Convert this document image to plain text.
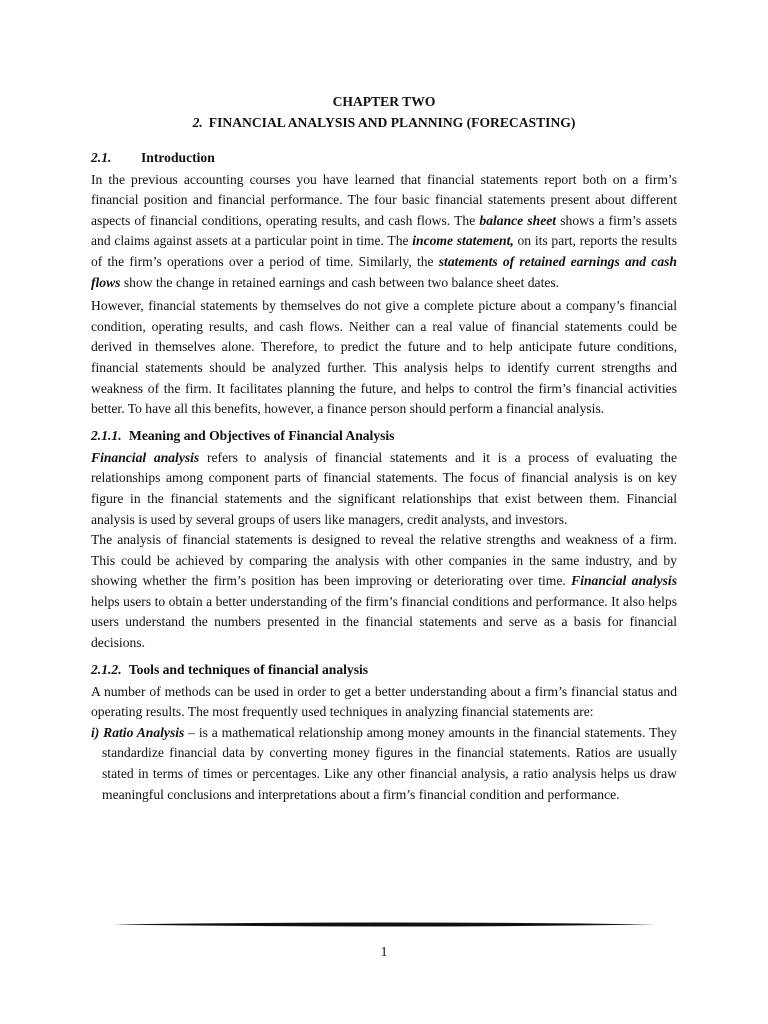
CHAPTER TWO
2. FINANCIAL ANALYSIS AND PLANNING (FORECASTING)
2.1. Introduction

In the previous accounting courses you have learned that financial statements report both on a firm’s financial position and financial performance. The four basic financial statements present about different aspects of financial conditions, operating results, and cash flows. The balance sheet shows a firm’s assets and claims against assets at a particular point in time. The income statement, on its part, reports the results of the firm’s operations over a period of time. Similarly, the statements of retained earnings and cash flows show the change in retained earnings and cash between two balance sheet dates.

However, financial statements by themselves do not give a complete picture about a company’s financial condition, operating results, and cash flows. Neither can a real value of financial statements could be derived in themselves alone. Therefore, to predict the future and to help anticipate future conditions, financial statements should be analyzed further. This analysis helps to identify current strengths and weakness of the firm. It facilitates planning the future, and helps to control the firm’s financial activities better. To have all this benefits, however, a finance person should perform a financial analysis.

2.1.1. Meaning and Objectives of Financial Analysis

Financial analysis refers to analysis of financial statements and it is a process of evaluating the relationships among component parts of financial statements. The focus of financial analysis is on key figure in the financial statements and the significant relationships that exist between them. Financial analysis is used by several groups of users like managers, credit analysts, and investors.

The analysis of financial statements is designed to reveal the relative strengths and weakness of a firm. This could be achieved by comparing the analysis with other companies in the same industry, and by showing whether the firm’s position has been improving or deteriorating over time. Financial analysis helps users to obtain a better understanding of the firm’s financial conditions and performance. It also helps users understand the numbers presented in the financial statements and serve as a basis for financial decisions.

2.1.2. Tools and techniques of financial analysis

A number of methods can be used in order to get a better understanding about a firm’s financial status and operating results. The most frequently used techniques in analyzing financial statements are:

i) Ratio Analysis – is a mathematical relationship among money amounts in the financial statements. They standardize financial data by converting money figures in the financial statements. Ratios are usually stated in terms of times or percentages. Like any other financial analysis, a ratio analysis helps us draw meaningful conclusions and interpretations about a firm’s financial condition and performance.

1
